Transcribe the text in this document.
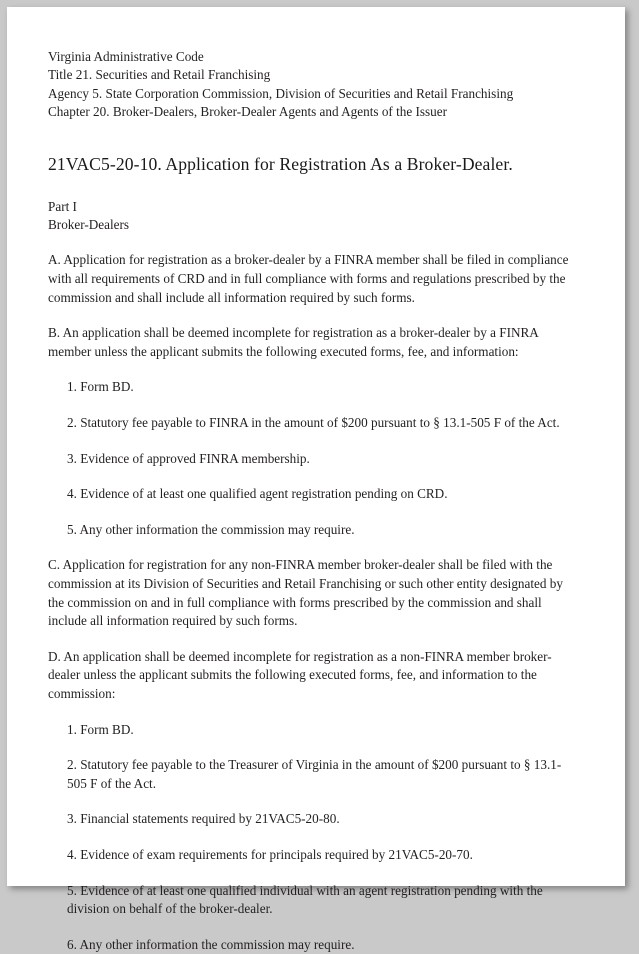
Virginia Administrative Code
Title 21. Securities and Retail Franchising
Agency 5. State Corporation Commission, Division of Securities and Retail Franchising
Chapter 20. Broker-Dealers, Broker-Dealer Agents and Agents of the Issuer
21VAC5-20-10. Application for Registration As a Broker-Dealer.
Part I
Broker-Dealers

A. Application for registration as a broker-dealer by a FINRA member shall be filed in compliance with all requirements of CRD and in full compliance with forms and regulations prescribed by the commission and shall include all information required by such forms.

B. An application shall be deemed incomplete for registration as a broker-dealer by a FINRA member unless the applicant submits the following executed forms, fee, and information:

1. Form BD.

2. Statutory fee payable to FINRA in the amount of $200 pursuant to § 13.1-505 F of the Act.

3. Evidence of approved FINRA membership.

4. Evidence of at least one qualified agent registration pending on CRD.

5. Any other information the commission may require.

C. Application for registration for any non-FINRA member broker-dealer shall be filed with the commission at its Division of Securities and Retail Franchising or such other entity designated by the commission on and in full compliance with forms prescribed by the commission and shall include all information required by such forms.

D. An application shall be deemed incomplete for registration as a non-FINRA member broker-dealer unless the applicant submits the following executed forms, fee, and information to the commission:

1. Form BD.

2. Statutory fee payable to the Treasurer of Virginia in the amount of $200 pursuant to § 13.1-505 F of the Act.

3. Financial statements required by 21VAC5-20-80.

4. Evidence of exam requirements for principals required by 21VAC5-20-70.

5. Evidence of at least one qualified individual with an agent registration pending with the division on behalf of the broker-dealer.

6. Any other information the commission may require.
